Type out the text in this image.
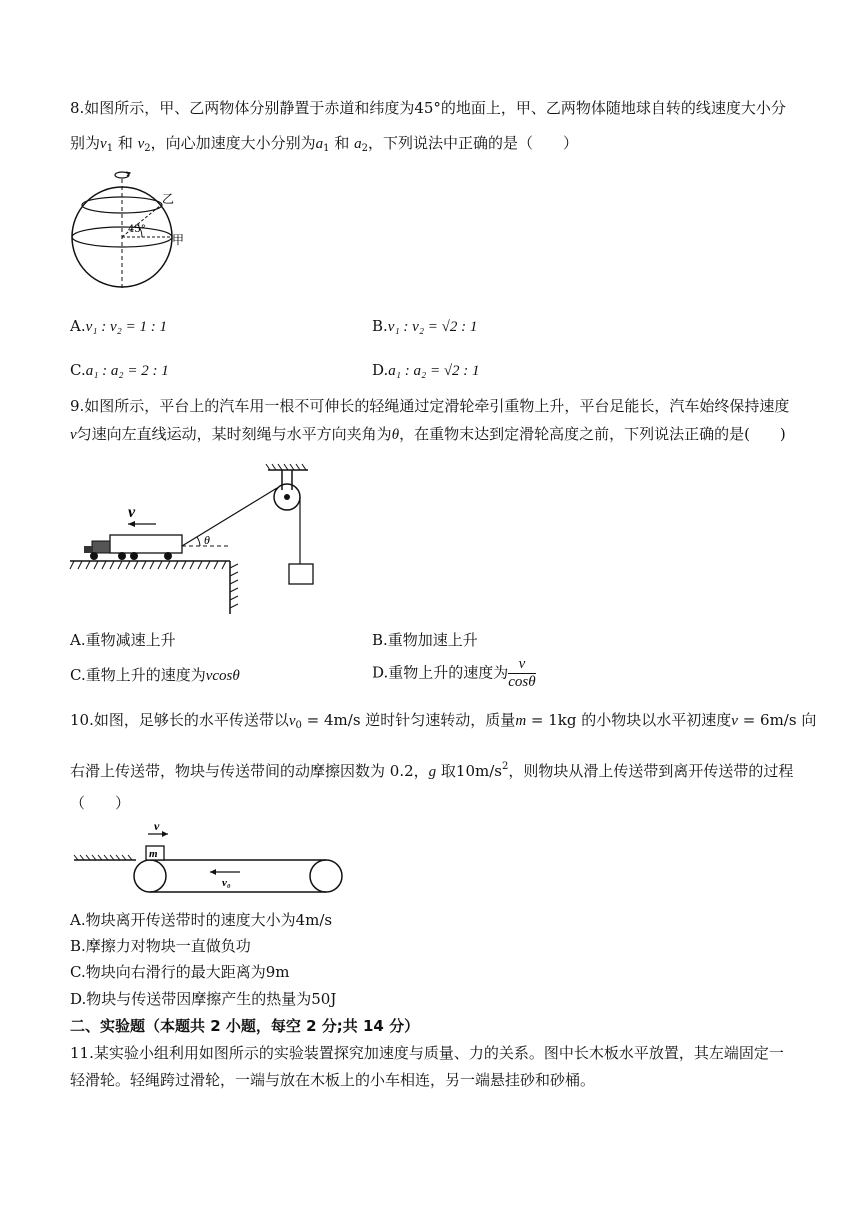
8.如图所示，甲、乙两物体分别静置于赤道和纬度为45°的地面上，甲、乙两物体随地球自转的线速度大小分
别为$v_1$ 和 $v_2$，向心加速度大小分别为$a_1$ 和 $a_2$，下列说法中正确的是（　　）
45°
乙
甲
A.v₁ : v₂ = 1 : 1	B.v₁ : v₂ = √2 : 1
C.a₁ : a₂ = 2 : 1	D.a₁ : a₂ = √2 : 1
9.如图所示，平台上的汽车用一根不可伸长的轻绳通过定滑轮牵引重物上升，平台足能长，汽车始终保持速度
v匀速向左直线运动，某时刻绳与水平方向夹角为θ，在重物末达到定滑轮高度之前，下列说法正确的是(　　)
θ
v
A.重物减速上升	B.重物加速上升
C.重物上升的速度为vcosθ	D.重物上升的速度为 $\frac{v}{\cos\theta}$
10.如图，足够长的水平传送带以$v_0 = 4m/s$ 逆时针匀速转动，质量m = 1kg 的小物块以水平初速度v = 6m/s 向
右滑上传送带，物块与传送带间的动摩擦因数为 0.2，g 取$10m/s^2$，则物块从滑上传送带到离开传送带的过程
（　　）
m
v
v₀
A.物块离开传送带时的速度大小为4m/s
B.摩擦力对物块一直做负功
C.物块向右滑行的最大距离为9m
D.物块与传送带因摩擦产生的热量为50J
二、实验题（本题共 2 小题，每空 2 分;共 14 分）
11.某实验小组利用如图所示的实验装置探究加速度与质量、力的关系。图中长木板水平放置，其左端固定一
轻滑轮。轻绳跨过滑轮，一端与放在木板上的小车相连，另一端悬挂砂和砂桶。
